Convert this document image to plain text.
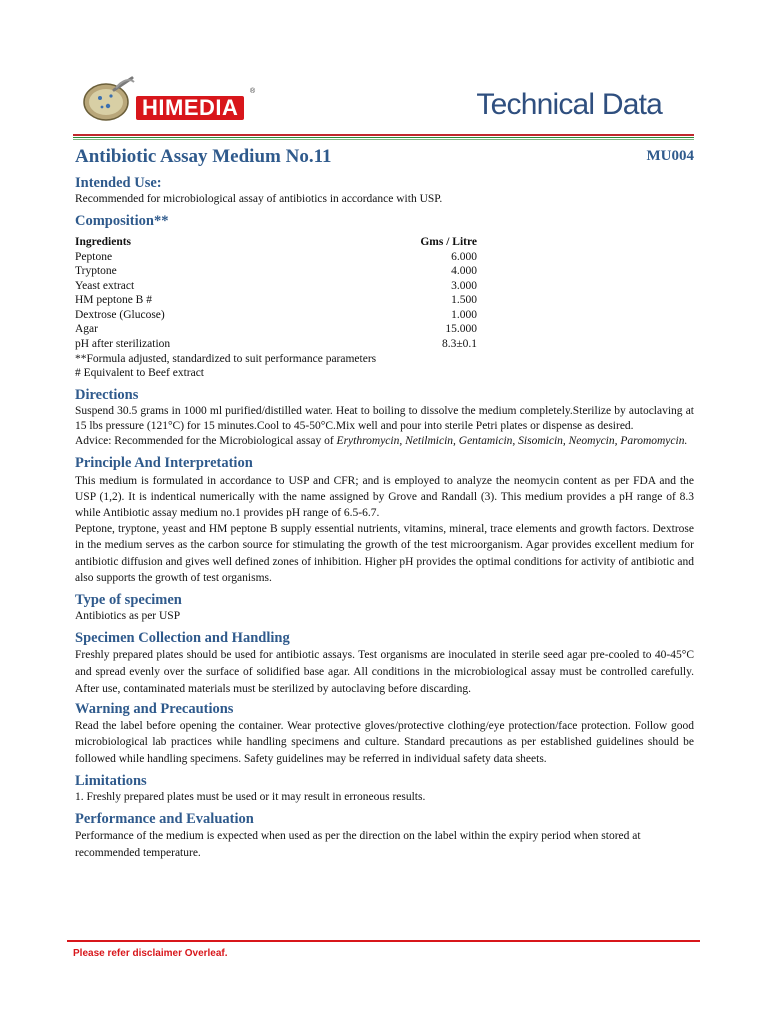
HIMEDIA
®	Technical Data
Antibiotic Assay Medium No.11	MU004
Intended Use:

Recommended for microbiological assay of antibiotics in accordance with USP.

Composition**
Ingredients	Gms / Litre
Peptone	6.000
Tryptone	4.000
Yeast extract	3.000
HM peptone B #	1.500
Dextrose (Glucose)	1.000
Agar	15.000
pH after sterilization	8.3±0.1
**Formula adjusted, standardized to suit performance parameters
# Equivalent to Beef extract
Directions

Suspend 30.5 grams in 1000 ml purified/distilled water. Heat to boiling to dissolve the medium completely.Sterilize by autoclaving at 15 lbs pressure (121°C) for 15 minutes.Cool to 45-50°C.Mix well and pour into sterile Petri plates or dispense as desired.

Advice: Recommended for the Microbiological assay of Erythromycin, Netilmicin, Gentamicin, Sisomicin, Neomycin, Paromomycin.

Principle And Interpretation

This medium is formulated in accordance to USP and CFR; and is employed to analyze the neomycin content as per FDA and the USP (1,2). It is indentical numerically with the name assigned by Grove and Randall (3). This medium provides a pH range of 8.3 while Antibiotic assay medium no.1 provides pH range of 6.5-6.7.

Peptone, tryptone, yeast and HM peptone B supply essential nutrients, vitamins, mineral, trace elements and growth factors. Dextrose in the medium serves as the carbon source for stimulating the growth of the test microorganism. Agar provides excellent medium for antibiotic diffusion and gives well defined zones of inhibition. Higher pH provides the optimal conditions for activity of antibiotic and also supports the growth of test organisms.

Type of specimen

Antibiotics as per USP

Specimen Collection and Handling

Freshly prepared plates should be used for antibiotic assays. Test organisms are inoculated in sterile seed agar pre-cooled to 40-45°C and spread evenly over the surface of solidified base agar. All conditions in the microbiological assay must be controlled carefully. After use, contaminated materials must be sterilized by autoclaving before discarding.

Warning and Precautions

Read the label before opening the container. Wear protective gloves/protective clothing/eye protection/face protection. Follow good microbiological lab practices while handling specimens and culture. Standard precautions as per established guidelines should be followed while handling specimens. Safety guidelines may be referred in individual safety data sheets.

Limitations

1. Freshly prepared plates must be used or it may result in erroneous results.

Performance and Evaluation

Performance of the medium is expected when used as per the direction on the label within the expiry period when stored at recommended temperature.

Please refer disclaimer Overleaf.
